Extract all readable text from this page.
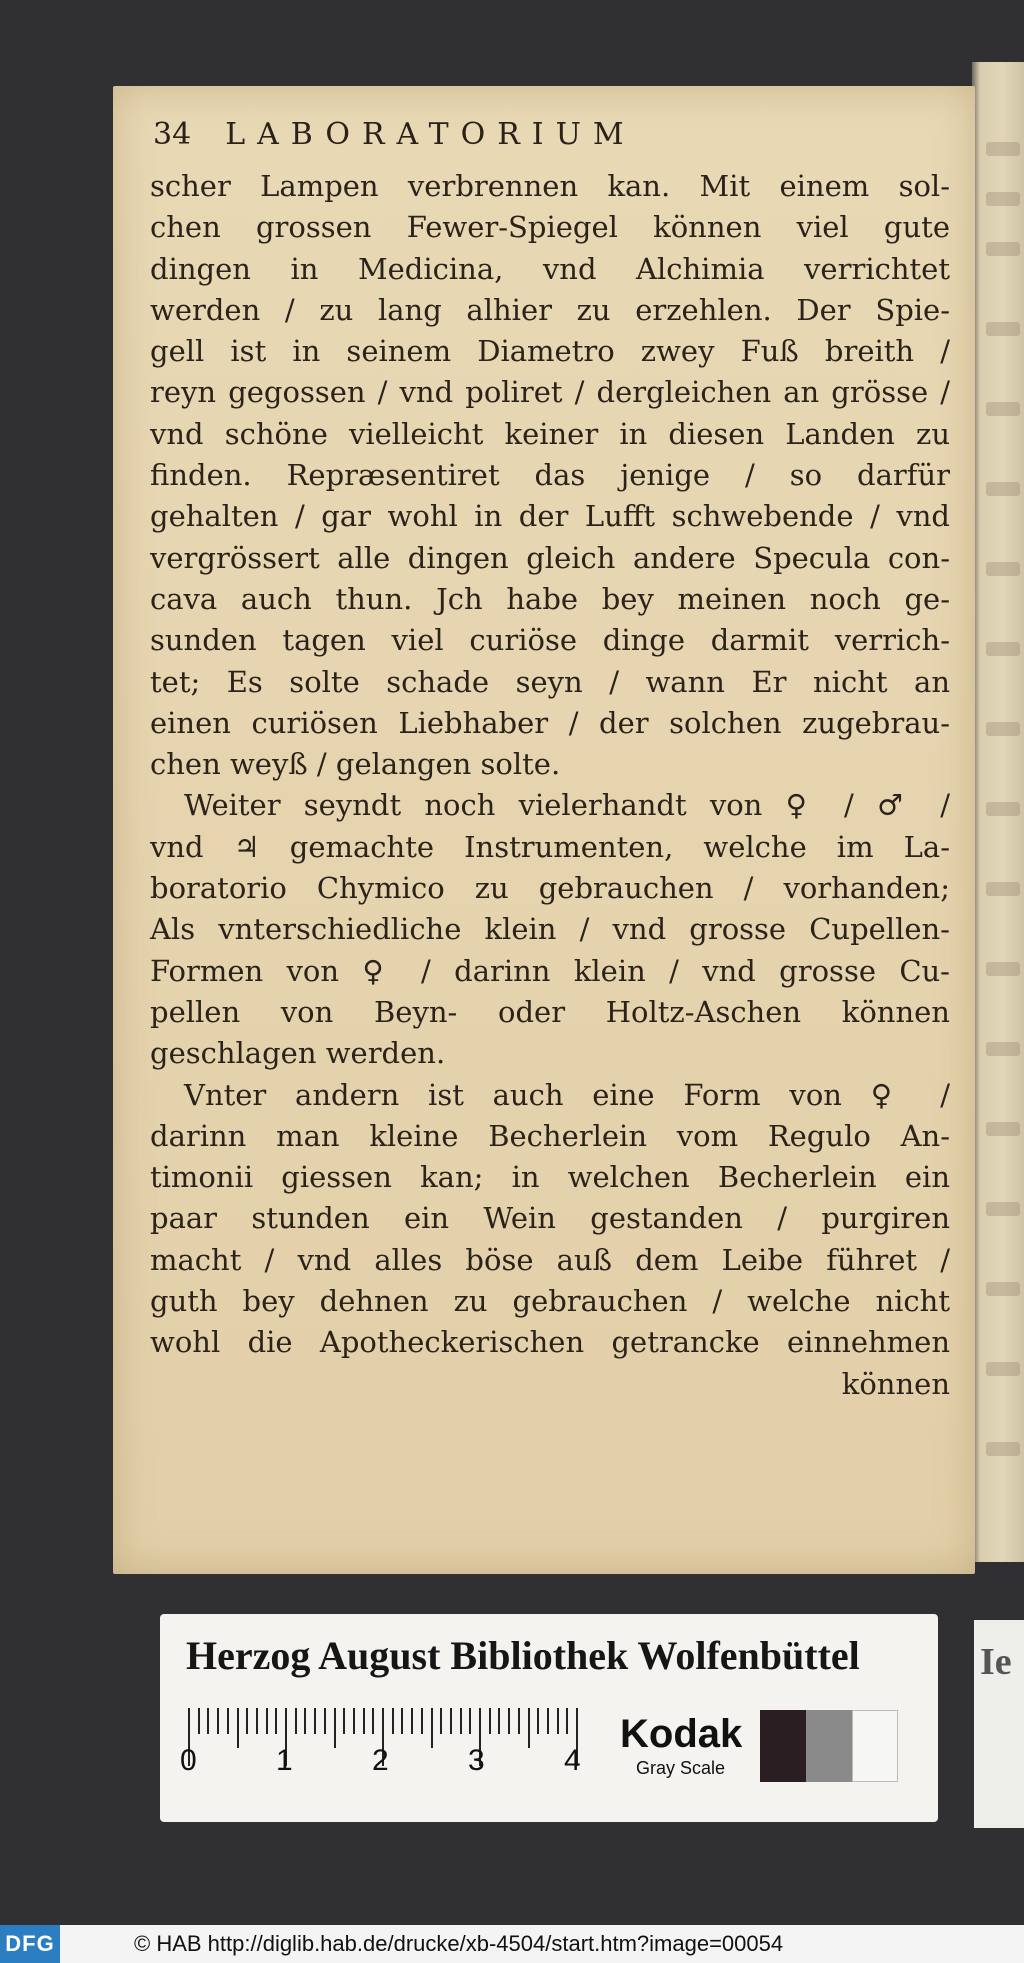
34 LABORATORIUM
scher Lampen verbrennen kan. Mit einem sol-
chen grossen Fewer-Spiegel können viel gute
dingen in Medicina, vnd Alchimia verrichtet
werden / zu lang alhier zu erzehlen. Der Spie-
gell ist in seinem Diametro zwey Fuß breith /
reyn gegossen / vnd poliret / dergleichen an grösse /
vnd schöne vielleicht keiner in diesen Landen zu
finden. Repræsentiret das jenige / so darfür
gehalten / gar wohl in der Lufft schwebende / vnd
vergrössert alle dingen gleich andere Specula con-
cava auch thun. Jch habe bey meinen noch ge-
sunden tagen viel curiöse dinge darmit verrich-
tet; Es solte schade seyn / wann Er nicht an
einen curiösen Liebhaber / der solchen zugebrau-
chen weyß / gelangen solte.
Weiter seyndt noch vielerhandt von ♀ / ♂ /
vnd ♃ gemachte Instrumenten, welche im La-
boratorio Chymico zu gebrauchen / vorhanden;
Als vnterschiedliche klein / vnd grosse Cupellen-
Formen von ♀ / darinn klein / vnd grosse Cu-
pellen von Beyn- oder Holtz-Aschen können
geschlagen werden.
Vnter andern ist auch eine Form von ♀ /
darinn man kleine Becherlein vom Regulo An-
timonii giessen kan; in welchen Becherlein ein
paar stunden ein Wein gestanden / purgiren
macht / vnd alles böse auß dem Leibe führet /
guth bey dehnen zu gebrauchen / welche nicht
wohl die Apotheckerischen getrancke einnehmen
können
Herzog August Bibliothek Wolfenbüttel
0	1	2	3	4
Kodak
Gray Scale
Ie
DFG	© HAB http://diglib.hab.de/drucke/xb-4504/start.htm?image=00054
